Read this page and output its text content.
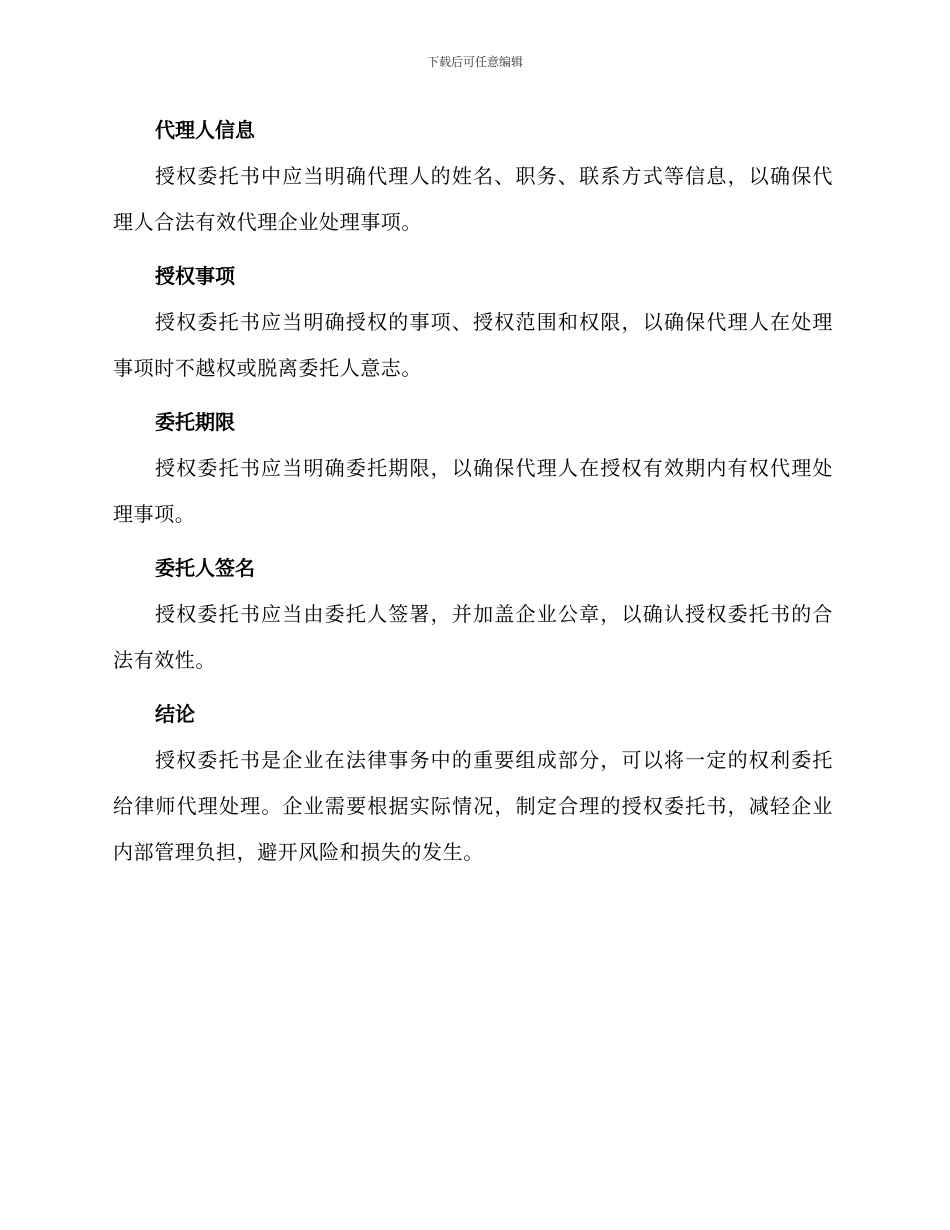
下载后可任意编辑
代理人信息

授权委托书中应当明确代理人的姓名、职务、联系方式等信息，以确保代理人合法有效代理企业处理事项。

授权事项

授权委托书应当明确授权的事项、授权范围和权限，以确保代理人在处理事项时不越权或脱离委托人意志。

委托期限

授权委托书应当明确委托期限，以确保代理人在授权有效期内有权代理处理事项。

委托人签名

授权委托书应当由委托人签署，并加盖企业公章，以确认授权委托书的合法有效性。

结论

授权委托书是企业在法律事务中的重要组成部分，可以将一定的权利委托给律师代理处理。企业需要根据实际情况，制定合理的授权委托书，减轻企业内部管理负担，避开风险和损失的发生。
